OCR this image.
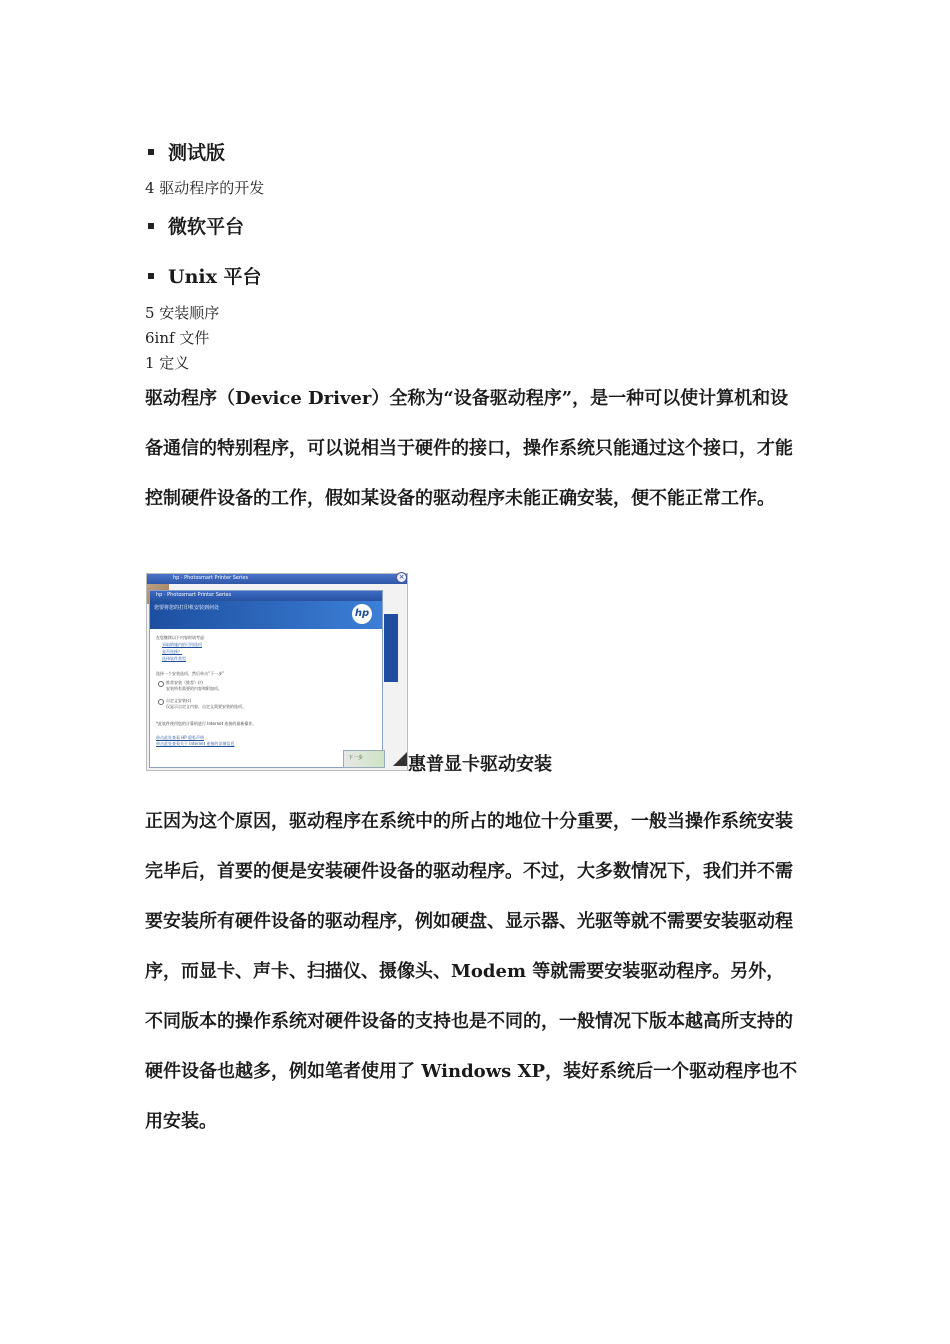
测试版
4 驱动程序的开发
微软平台
Unix 平台
5 安装顺序
6inf 文件
1 定义

驱动程序（Device Driver）全称为“设备驱动程序”，是一种可以使计算机和设备通信的特别程序，可以说相当于硬件的接口，操作系统只能通过这个接口，才能控制硬件设备的工作，假如某设备的驱动程序未能正确安装，便不能正常工作。

hp · Photosmart Printer Series
hp · Photosmart Printer Series
您要将您的打印机安装到何处	hp
在您继续以下内容时请考虑：
采取措施内的可用选项
是否连接？
选择软件类型
选择一个安装选项，然后单击“下一步”
推荐安装（推荐）(r)
安装所有需要的内容和附加项。
自定义安装(c)
仅显示自定义内容，自定义需要安装的选项。
*此软件使用您的计算机进行 Internet 连接的最新操作。
单击此处查看 HP 隐私声明
单击此处查看关于 Internet 连接的详细信息
下一步
×
惠普显卡驱动安装

正因为这个原因，驱动程序在系统中的所占的地位十分重要，一般当操作系统安装完毕后，首要的便是安装硬件设备的驱动程序。不过，大多数情况下，我们并不需要安装所有硬件设备的驱动程序，例如硬盘、显示器、光驱等就不需要安装驱动程序，而显卡、声卡、扫描仪、摄像头、Modem 等就需要安装驱动程序。另外，不同版本的操作系统对硬件设备的支持也是不同的，一般情况下版本越高所支持的硬件设备也越多，例如笔者使用了 Windows XP，装好系统后一个驱动程序也不用安装。
